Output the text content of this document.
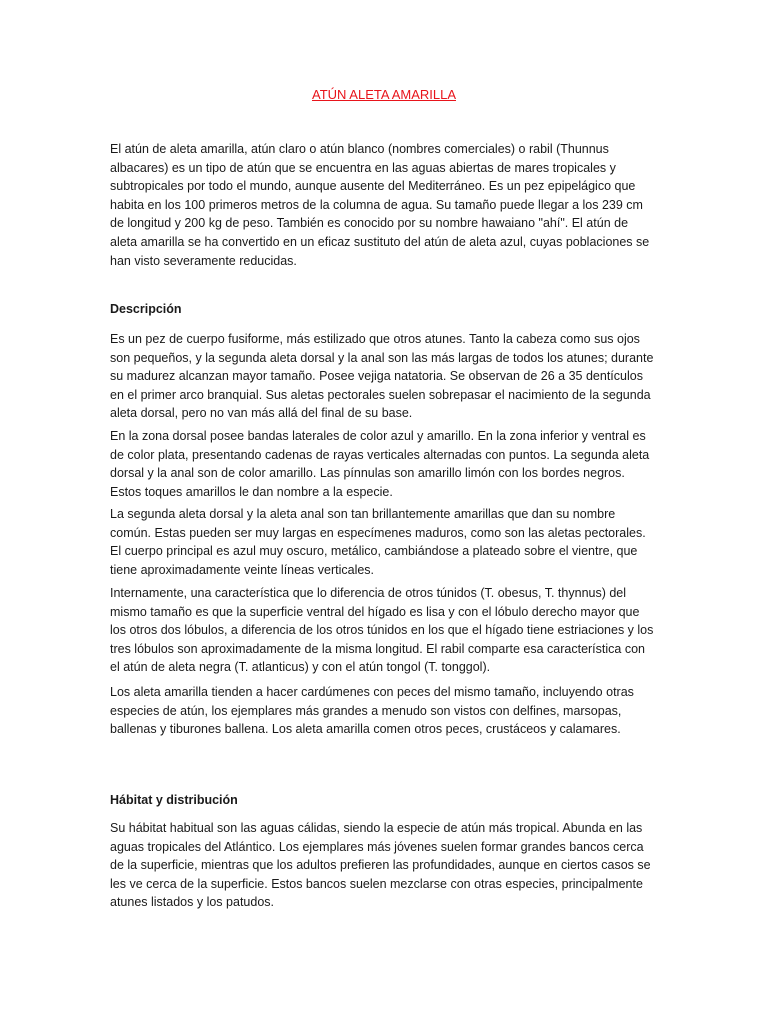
ATÚN ALETA AMARILLA

El atún de aleta amarilla, atún claro o atún blanco (nombres comerciales) o rabil (Thunnus albacares) es un tipo de atún que se encuentra en las aguas abiertas de mares tropicales y subtropicales por todo el mundo, aunque ausente del Mediterráneo. Es un pez epipelágico que habita en los 100 primeros metros de la columna de agua. Su tamaño puede llegar a los 239 cm de longitud y 200 kg de peso. También es conocido por su nombre hawaiano "ahí". El atún de aleta amarilla se ha convertido en un eficaz sustituto del atún de aleta azul, cuyas poblaciones se han visto severamente reducidas.

Descripción

Es un pez de cuerpo fusiforme, más estilizado que otros atunes. Tanto la cabeza como sus ojos son pequeños, y la segunda aleta dorsal y la anal son las más largas de todos los atunes; durante su madurez alcanzan mayor tamaño. Posee vejiga natatoria. Se observan de 26 a 35 dentículos en el primer arco branquial. Sus aletas pectorales suelen sobrepasar el nacimiento de la segunda aleta dorsal, pero no van más allá del final de su base.

En la zona dorsal posee bandas laterales de color azul y amarillo. En la zona inferior y ventral es de color plata, presentando cadenas de rayas verticales alternadas con puntos. La segunda aleta dorsal y la anal son de color amarillo. Las pínnulas son amarillo limón con los bordes negros. Estos toques amarillos le dan nombre a la especie.

La segunda aleta dorsal y la aleta anal son tan brillantemente amarillas que dan su nombre común. Estas pueden ser muy largas en especímenes maduros, como son las aletas pectorales. El cuerpo principal es azul muy oscuro, metálico, cambiándose a plateado sobre el vientre, que tiene aproximadamente veinte líneas verticales.

Internamente, una característica que lo diferencia de otros túnidos (T. obesus, T. thynnus) del mismo tamaño es que la superficie ventral del hígado es lisa y con el lóbulo derecho mayor que los otros dos lóbulos, a diferencia de los otros túnidos en los que el hígado tiene estriaciones y los tres lóbulos son aproximadamente de la misma longitud. El rabil comparte esa característica con el atún de aleta negra (T. atlanticus) y con el atún tongol (T. tonggol).

Los aleta amarilla tienden a hacer cardúmenes con peces del mismo tamaño, incluyendo otras especies de atún, los ejemplares más grandes a menudo son vistos con delfines, marsopas, ballenas y tiburones ballena. Los aleta amarilla comen otros peces, crustáceos y calamares.

Hábitat y distribución

Su hábitat habitual son las aguas cálidas, siendo la especie de atún más tropical. Abunda en las aguas tropicales del Atlántico. Los ejemplares más jóvenes suelen formar grandes bancos cerca de la superficie, mientras que los adultos prefieren las profundidades, aunque en ciertos casos se les ve cerca de la superficie. Estos bancos suelen mezclarse con otras especies, principalmente atunes listados y los patudos.
